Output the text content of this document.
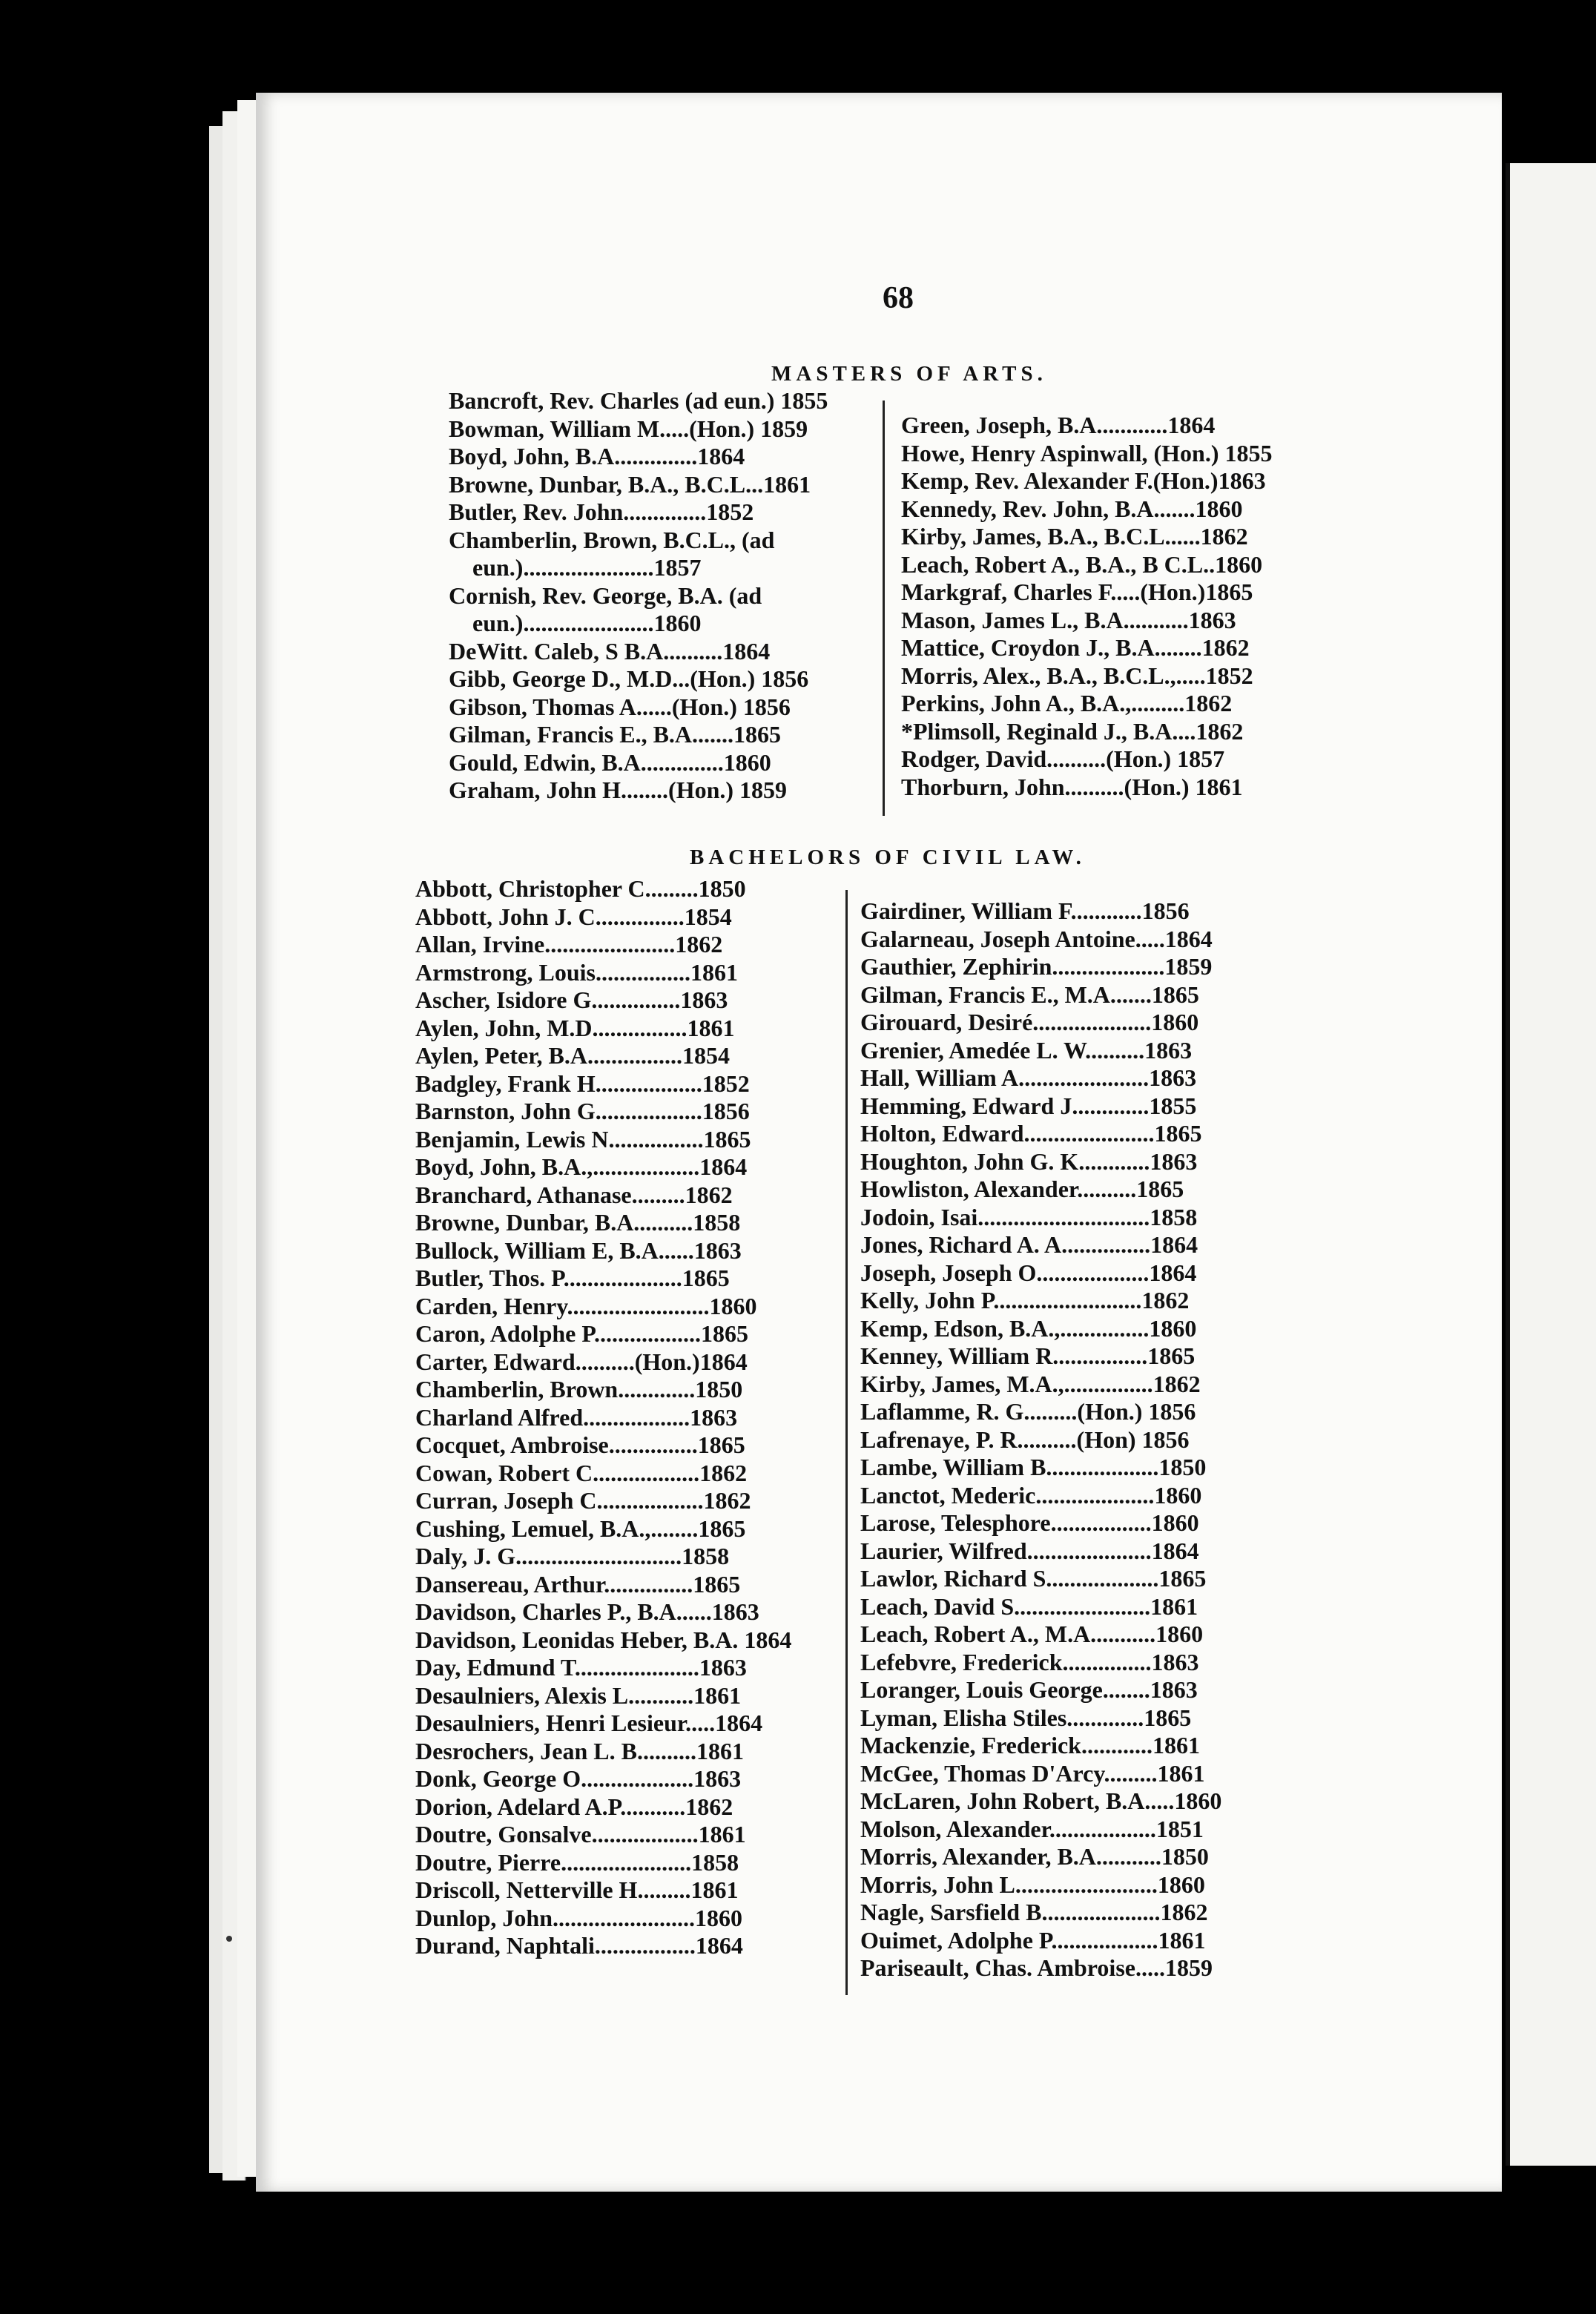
68
MASTERS OF ARTS.
Bancroft, Rev. Charles (ad eun.) 1855
Bowman, William M.....(Hon.) 1859
Boyd, John, B.A..............1864
Browne, Dunbar, B.A., B.C.L...1861
Butler, Rev. John..............1852
Chamberlin, Brown, B.C.L., (ad
eun.)......................1857
Cornish, Rev. George, B.A. (ad
eun.)......................1860
DeWitt. Caleb, S B.A..........1864
Gibb, George D., M.D...(Hon.) 1856
Gibson, Thomas A......(Hon.) 1856
Gilman, Francis E., B.A.......1865
Gould, Edwin, B.A..............1860
Graham, John H........(Hon.) 1859
Green, Joseph, B.A............1864
Howe, Henry Aspinwall, (Hon.) 1855
Kemp, Rev. Alexander F.(Hon.)1863
Kennedy, Rev. John, B.A.......1860
Kirby, James, B.A., B.C.L......1862
Leach, Robert A., B.A., B C.L..1860
Markgraf, Charles F.....(Hon.)1865
Mason, James L., B.A...........1863
Mattice, Croydon J., B.A........1862
Morris, Alex., B.A., B.C.L.,.....1852
Perkins, John A., B.A.,.........1862
*Plimsoll, Reginald J., B.A....1862
Rodger, David..........(Hon.) 1857
Thorburn, John..........(Hon.) 1861
BACHELORS OF CIVIL LAW.
Abbott, Christopher C.........1850
Abbott, John J. C...............1854
Allan, Irvine......................1862
Armstrong, Louis................1861
Ascher, Isidore G...............1863
Aylen, John, M.D................1861
Aylen, Peter, B.A................1854
Badgley, Frank H..................1852
Barnston, John G..................1856
Benjamin, Lewis N................1865
Boyd, John, B.A.,..................1864
Branchard, Athanase.........1862
Browne, Dunbar, B.A..........1858
Bullock, William E, B.A......1863
Butler, Thos. P....................1865
Carden, Henry........................1860
Caron, Adolphe P..................1865
Carter, Edward..........(Hon.)1864
Chamberlin, Brown.............1850
Charland Alfred..................1863
Cocquet, Ambroise...............1865
Cowan, Robert C..................1862
Curran, Joseph C..................1862
Cushing, Lemuel, B.A.,........1865
Daly, J. G............................1858
Dansereau, Arthur...............1865
Davidson, Charles P., B.A......1863
Davidson, Leonidas Heber, B.A. 1864
Day, Edmund T.....................1863
Desaulniers, Alexis L...........1861
Desaulniers, Henri Lesieur.....1864
Desrochers, Jean L. B..........1861
Donk, George O...................1863
Dorion, Adelard A.P...........1862
Doutre, Gonsalve..................1861
Doutre, Pierre......................1858
Driscoll, Netterville H.........1861
Dunlop, John........................1860
Durand, Naphtali.................1864
Gairdiner, William F............1856
Galarneau, Joseph Antoine.....1864
Gauthier, Zephirin...................1859
Gilman, Francis E., M.A.......1865
Girouard, Desiré....................1860
Grenier, Amedée L. W..........1863
Hall, William A......................1863
Hemming, Edward J.............1855
Holton, Edward......................1865
Houghton, John G. K............1863
Howliston, Alexander..........1865
Jodoin, Isai.............................1858
Jones, Richard A. A...............1864
Joseph, Joseph O...................1864
Kelly, John P.........................1862
Kemp, Edson, B.A.,...............1860
Kenney, William R................1865
Kirby, James, M.A.,...............1862
Laflamme, R. G.........(Hon.) 1856
Lafrenaye, P. R..........(Hon) 1856
Lambe, William B...................1850
Lanctot, Mederic....................1860
Larose, Telesphore.................1860
Laurier, Wilfred.....................1864
Lawlor, Richard S...................1865
Leach, David S.......................1861
Leach, Robert A., M.A...........1860
Lefebvre, Frederick...............1863
Loranger, Louis George........1863
Lyman, Elisha Stiles.............1865
Mackenzie, Frederick............1861
McGee, Thomas D'Arcy.........1861
McLaren, John Robert, B.A.....1860
Molson, Alexander..................1851
Morris, Alexander, B.A...........1850
Morris, John L........................1860
Nagle, Sarsfield B....................1862
Ouimet, Adolphe P..................1861
Pariseault, Chas. Ambroise.....1859
